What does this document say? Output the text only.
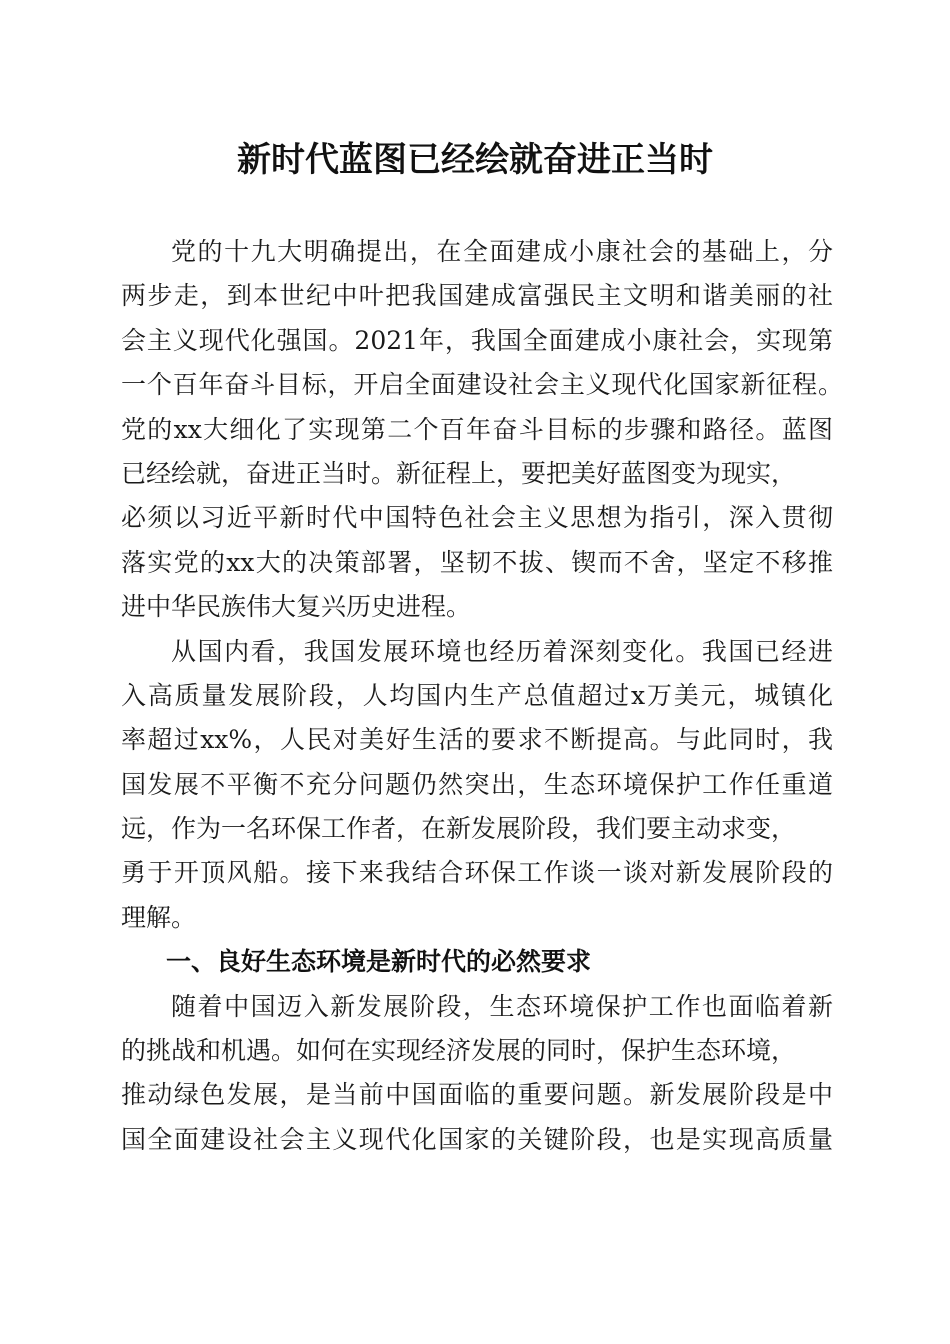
新时代蓝图已经绘就奋进正当时
党的十九大明确提出，在全面建成小康社会的基础上，分
两步走，到本世纪中叶把我国建成富强民主文明和谐美丽的社
会主义现代化强国。2021年，我国全面建成小康社会，实现第
一个百年奋斗目标，开启全面建设社会主义现代化国家新征程。
党的xx大细化了实现第二个百年奋斗目标的步骤和路径。蓝图
已经绘就，奋进正当时。新征程上，要把美好蓝图变为现实，
必须以习近平新时代中国特色社会主义思想为指引，深入贯彻
落实党的xx大的决策部署，坚韧不拔、锲而不舍，坚定不移推
进中华民族伟大复兴历史进程。
从国内看，我国发展环境也经历着深刻变化。我国已经进
入高质量发展阶段，人均国内生产总值超过x万美元，城镇化
率超过xx%，人民对美好生活的要求不断提高。与此同时，我
国发展不平衡不充分问题仍然突出，生态环境保护工作任重道
远，作为一名环保工作者，在新发展阶段，我们要主动求变，
勇于开顶风船。接下来我结合环保工作谈一谈对新发展阶段的
理解。
一、良好生态环境是新时代的必然要求
随着中国迈入新发展阶段，生态环境保护工作也面临着新
的挑战和机遇。如何在实现经济发展的同时，保护生态环境，
推动绿色发展，是当前中国面临的重要问题。新发展阶段是中
国全面建设社会主义现代化国家的关键阶段，也是实现高质量
